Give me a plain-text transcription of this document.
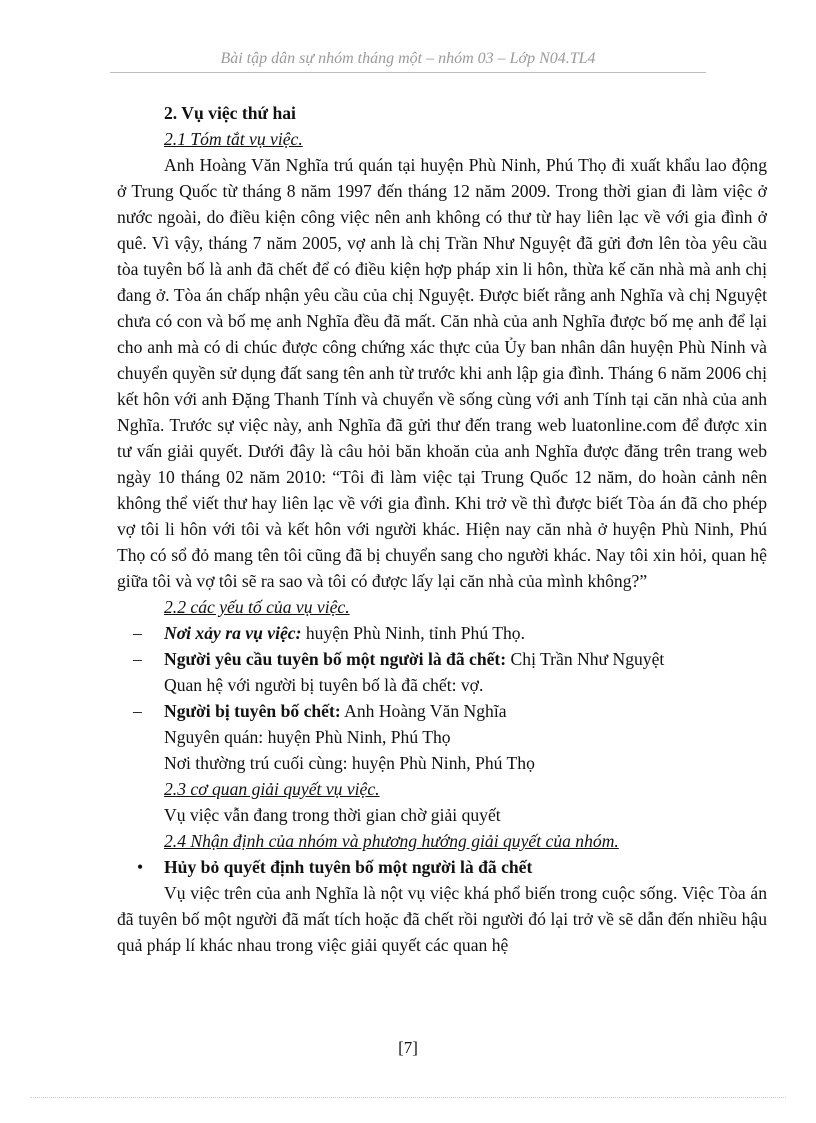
Bài tập dân sự nhóm tháng một – nhóm 03 – Lớp N04.TL4

2. Vụ việc thứ hai

2.1 Tóm tắt vụ việc.

Anh Hoàng Văn Nghĩa trú quán tại huyện Phù Ninh, Phú Thọ đi xuất khẩu lao động ở Trung Quốc từ tháng 8 năm 1997 đến tháng 12 năm 2009. Trong thời gian đi làm việc ở nước ngoài, do điều kiện công việc nên anh không có thư từ hay liên lạc về với gia đình ở quê. Vì vậy, tháng 7 năm 2005, vợ anh là chị Trần Như Nguyệt đã gửi đơn lên tòa yêu cầu tòa tuyên bố là anh đã chết để có điều kiện hợp pháp xin li hôn, thừa kế căn nhà mà anh chị đang ở. Tòa án chấp nhận yêu cầu của chị Nguyệt. Được biết rằng anh Nghĩa và chị Nguyệt chưa có con và bố mẹ anh Nghĩa đều đã mất. Căn nhà của anh Nghĩa được bố mẹ anh để lại cho anh mà có di chúc được công chứng xác thực của Ủy ban nhân dân huyện Phù Ninh và chuyển quyền sử dụng đất sang tên anh từ trước khi anh lập gia đình. Tháng 6 năm 2006 chị kết hôn với anh Đặng Thanh Tính và chuyển về sống cùng với anh Tính tại căn nhà của anh Nghĩa. Trước sự việc này, anh Nghĩa đã gửi thư đến trang web luatonline.com để được xin tư vấn giải quyết. Dưới đây là câu hỏi băn khoăn của anh Nghĩa được đăng trên trang web ngày 10 tháng 02 năm 2010: “Tôi đi làm việc tại Trung Quốc 12 năm, do hoàn cảnh nên không thể viết thư hay liên lạc về với gia đình. Khi trở về thì được biết Tòa án đã cho phép vợ tôi li hôn với tôi và kết hôn với người khác. Hiện nay căn nhà ở huyện Phù Ninh, Phú Thọ có sổ đỏ mang tên tôi cũng đã bị chuyển sang cho người khác. Nay tôi xin hỏi, quan hệ giữa tôi và vợ tôi sẽ ra sao và tôi có được lấy lại căn nhà của mình không?”

2.2 các yếu tố của vụ việc.

– Nơi xảy ra vụ việc: huyện Phù Ninh, tỉnh Phú Thọ.

– Người yêu cầu tuyên bố một người là đã chết: Chị Trần Như Nguyệt

Quan hệ với người bị tuyên bố là đã chết: vợ.

– Người bị tuyên bố chết: Anh Hoàng Văn Nghĩa

Nguyên quán: huyện Phù Ninh, Phú Thọ

Nơi thường trú cuối cùng: huyện Phù Ninh, Phú Thọ

2.3 cơ quan giải quyết vụ việc.

Vụ việc vẫn đang trong thời gian chờ giải quyết

2.4 Nhận định của nhóm và phương hướng giải quyết của nhóm.

• Hủy bỏ quyết định tuyên bố một người là đã chết

Vụ việc trên của anh Nghĩa là nột vụ việc khá phổ biến trong cuộc sống. Việc Tòa án đã tuyên bố một người đã mất tích hoặc đã chết rồi người đó lại trở về sẽ dẫn đến nhiều hậu quả pháp lí khác nhau trong việc giải quyết các quan hệ

[7]
